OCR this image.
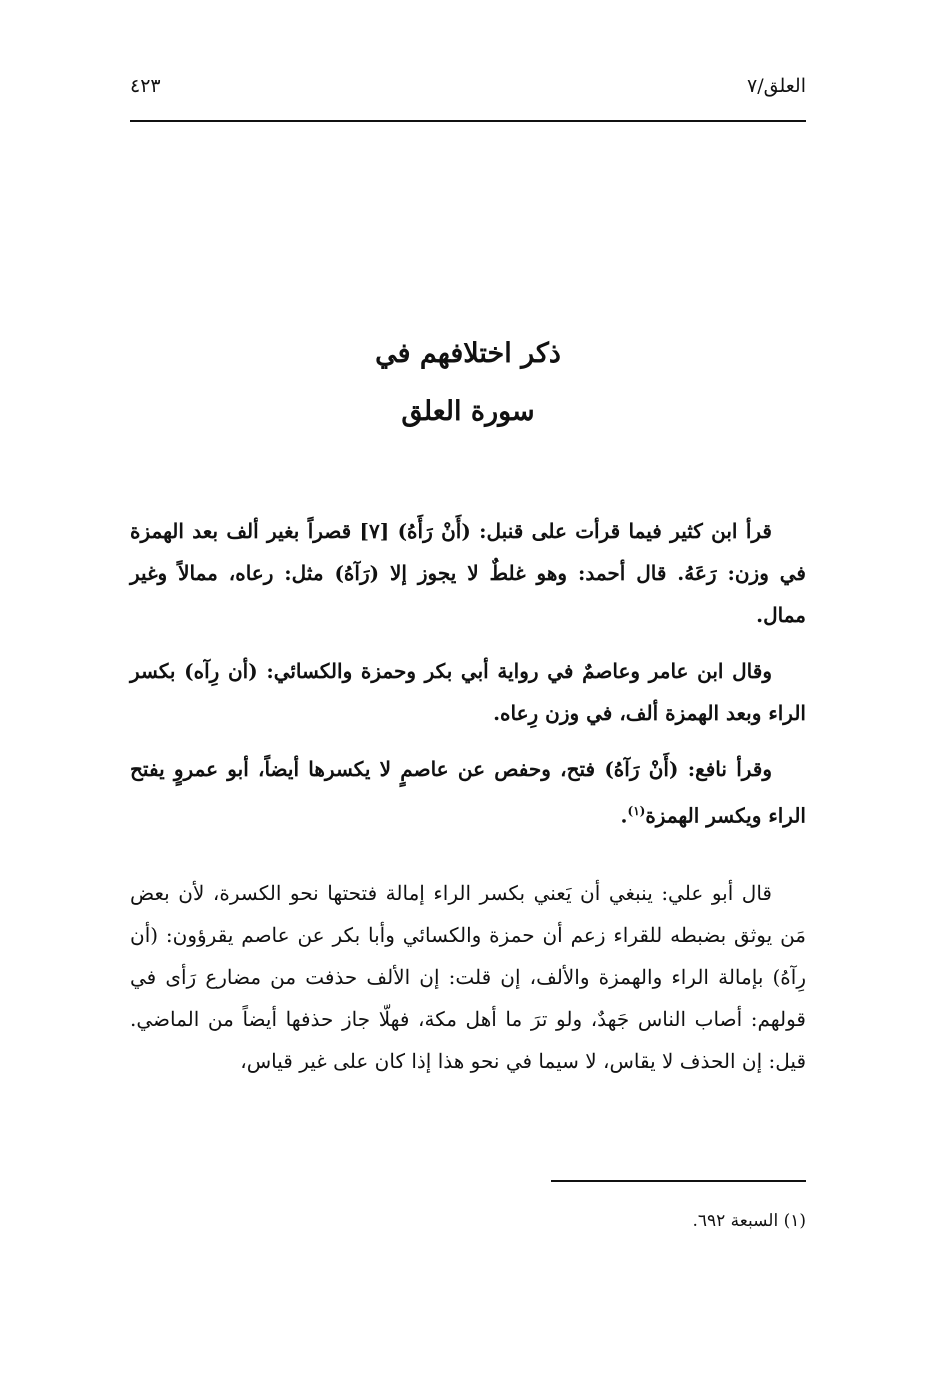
العلق/٧
٤٢٣
ذكر اختلافهم في
سورة العلق

قرأ ابن كثير فيما قرأت على قنبل: (أَنْ رَأَهُ) [٧] قصراً بغير ألف بعد الهمزة في وزن: رَعَهُ. قال أحمد: وهو غلطٌ لا يجوز إلا (رَآهُ) مثل: رعاه، ممالاً وغير ممال.

وقال ابن عامر وعاصمٌ في رواية أبي بكر وحمزة والكسائي: (أن رِآه) بكسر الراء وبعد الهمزة ألف، في وزن رِعاه.

وقرأ نافع: (أَنْ رَآهُ) فتح، وحفص عن عاصمٍ لا يكسرها أيضاً، أبو عمروٍ يفتح الراء ويكسر الهمزة$^{(١)}$.

قال أبو علي: ينبغي أن يَعني بكسر الراء إمالة فتحتها نحو الكسرة، لأن بعض مَن يوثق بضبطه للقراء زعم أن حمزة والكسائي وأبا بكر عن عاصم يقرؤون: (أن رِآهُ) بإمالة الراء والهمزة والألف، إن قلت: إن الألف حذفت من مضارع رَأى في قولهم: أصاب الناس جَهدٌ، ولو ترَ ما أهل مكة، فهلّا جاز حذفها أيضاً من الماضي. قيل: إن الحذف لا يقاس، لا سيما في نحو هذا إذا كان على غير قياس،

(١) السبعة ٦٩٢.
